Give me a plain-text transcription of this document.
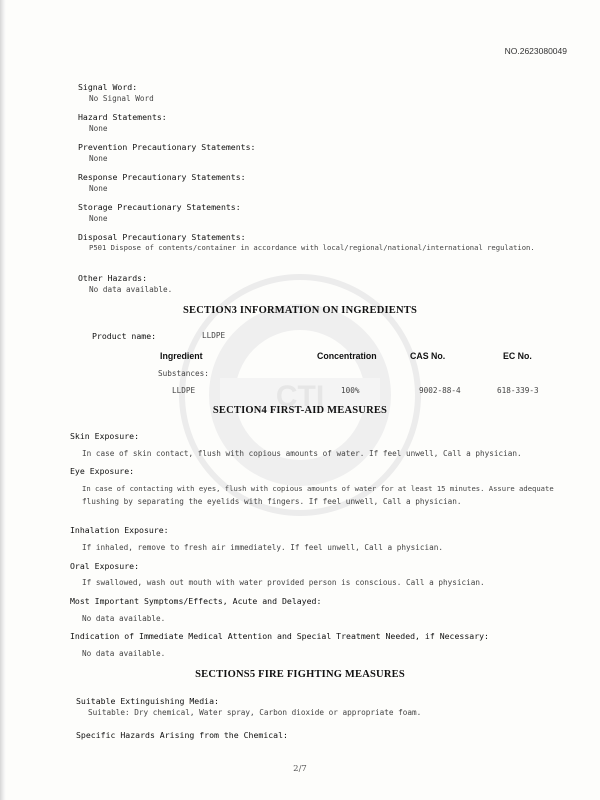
CTI
NO.2623080049
Signal Word:
No Signal Word
Hazard Statements:
None
Prevention Precautionary Statements:
None
Response Precautionary Statements:
None
Storage Precautionary Statements:
None
Disposal Precautionary Statements:
P501 Dispose of contents/container in accordance with local/regional/national/international regulation.
Other Hazards:
No data available.
SECTION3 INFORMATION ON INGREDIENTS
Product name:	LLDPE
Ingredient	Concentration	CAS No.	EC No.
Substances:
LLDPE	100%	9002-88-4	618-339-3
SECTION4 FIRST-AID MEASURES
Skin Exposure:
In case of skin contact, flush with copious amounts of water. If feel unwell, Call a physician.
Eye Exposure:
In case of contacting with eyes, flush with copious amounts of water for at least 15 minutes. Assure adequate
flushing by separating the eyelids with fingers. If feel unwell, Call a physician.
Inhalation Exposure:
If inhaled, remove to fresh air immediately. If feel unwell, Call a physician.
Oral Exposure:
If swallowed, wash out mouth with water provided person is conscious. Call a physician.
Most Important Symptoms/Effects, Acute and Delayed:
No data available.
Indication of Immediate Medical Attention and Special Treatment Needed, if Necessary:
No data available.
SECTIONS5 FIRE FIGHTING MEASURES
Suitable Extinguishing Media:
Suitable: Dry chemical, Water spray, Carbon dioxide or appropriate foam.
Specific Hazards Arising from the Chemical:
2/7
